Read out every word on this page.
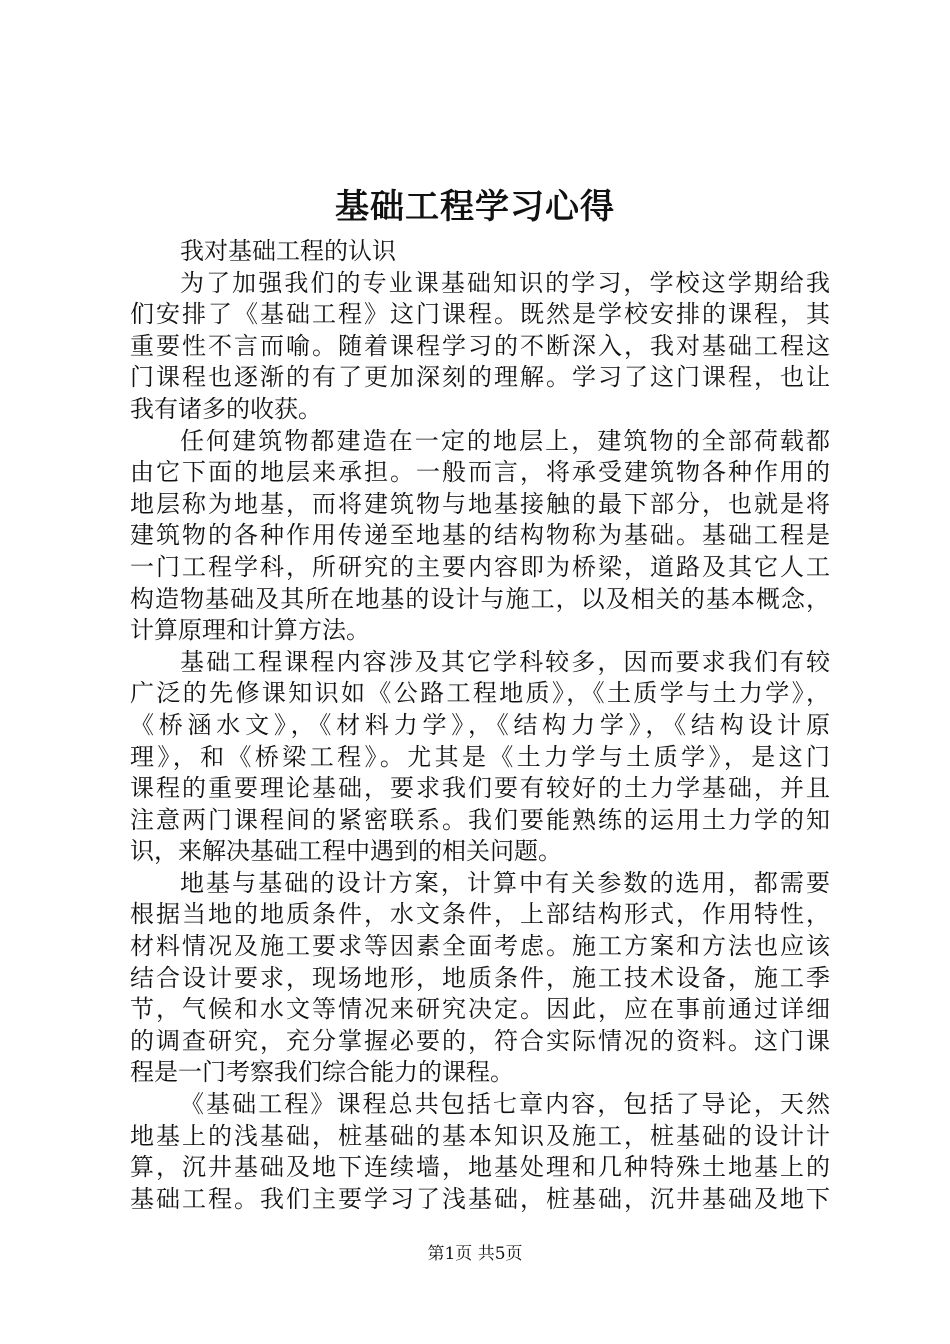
基础工程学习心得
我对基础工程的认识
为了加强我们的专业课基础知识的学习，学校这学期给我
们安排了《基础工程》这门课程。既然是学校安排的课程，其
重要性不言而喻。随着课程学习的不断深入，我对基础工程这
门课程也逐渐的有了更加深刻的理解。学习了这门课程，也让
我有诸多的收获。
任何建筑物都建造在一定的地层上，建筑物的全部荷载都
由它下面的地层来承担。一般而言，将承受建筑物各种作用的
地层称为地基，而将建筑物与地基接触的最下部分，也就是将
建筑物的各种作用传递至地基的结构物称为基础。基础工程是
一门工程学科，所研究的主要内容即为桥梁，道路及其它人工
构造物基础及其所在地基的设计与施工，以及相关的基本概念，
计算原理和计算方法。
基础工程课程内容涉及其它学科较多，因而要求我们有较
广泛的先修课知识如《公路工程地质》，《土质学与土力学》，
《桥涵水文》，《材料力学》，《结构力学》，《结构设计原
理》，和《桥梁工程》。尤其是《土力学与土质学》，是这门
课程的重要理论基础，要求我们要有较好的土力学基础，并且
注意两门课程间的紧密联系。我们要能熟练的运用土力学的知
识，来解决基础工程中遇到的相关问题。
地基与基础的设计方案，计算中有关参数的选用，都需要
根据当地的地质条件，水文条件，上部结构形式，作用特性，
材料情况及施工要求等因素全面考虑。施工方案和方法也应该
结合设计要求，现场地形，地质条件，施工技术设备，施工季
节，气候和水文等情况来研究决定。因此，应在事前通过详细
的调查研究，充分掌握必要的，符合实际情况的资料。这门课
程是一门考察我们综合能力的课程。
《基础工程》课程总共包括七章内容，包括了导论，天然
地基上的浅基础，桩基础的基本知识及施工，桩基础的设计计
算，沉井基础及地下连续墙，地基处理和几种特殊土地基上的
基础工程。我们主要学习了浅基础，桩基础，沉井基础及地下
第1页 共5页
